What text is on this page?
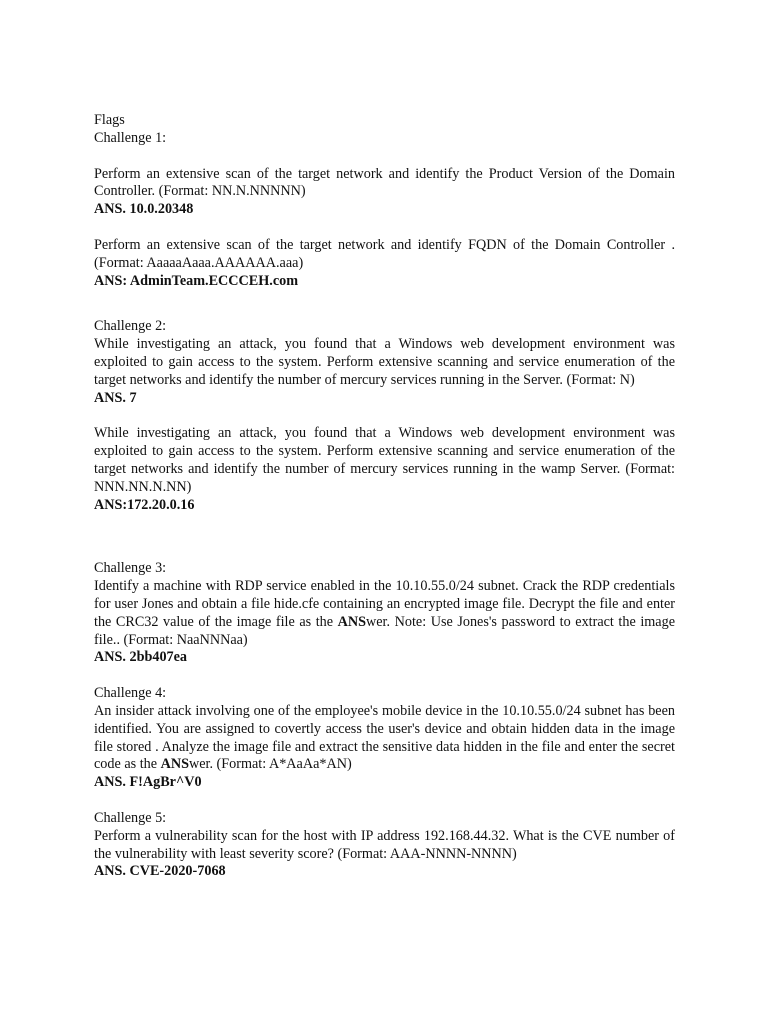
Flags

Challenge 1:

Perform an extensive scan of the target network and identify the Product Version of the Domain Controller. (Format: NN.N.NNNNN)

ANS. 10.0.20348

Perform an extensive scan of the target network and identify FQDN of the Domain Controller . (Format: AaaaaAaaa.AAAAAA.aaa)

ANS: AdminTeam.ECCCEH.com

Challenge 2:

While investigating an attack, you found that a Windows web development environment was exploited to gain access to the system. Perform extensive scanning and service enumeration of the target networks and identify the number of mercury services running in the Server. (Format: N)

ANS. 7

While investigating an attack, you found that a Windows web development environment was exploited to gain access to the system. Perform extensive scanning and service enumeration of the target networks and identify the number of mercury services running in the wamp Server. (Format: NNN.NN.N.NN)

ANS:172.20.0.16

Challenge 3:

Identify a machine with RDP service enabled in the 10.10.55.0/24 subnet. Crack the RDP credentials for user Jones and obtain a file hide.cfe containing an encrypted image file. Decrypt the file and enter the CRC32 value of the image file as the ANSwer. Note: Use Jones's password to extract the image file.. (Format: NaaNNNaa)

ANS. 2bb407ea

Challenge 4:

An insider attack involving one of the employee's mobile device in the 10.10.55.0/24 subnet has been identified. You are assigned to covertly access the user's device and obtain hidden data in the image file stored . Analyze the image file and extract the sensitive data hidden in the file and enter the secret code as the ANSwer. (Format: A*AaAa*AN)

ANS. F!AgBr^V0

Challenge 5:

Perform a vulnerability scan for the host with IP address 192.168.44.32. What is the CVE number of the vulnerability with least severity score? (Format: AAA-NNNN-NNNN)

ANS. CVE-2020-7068
